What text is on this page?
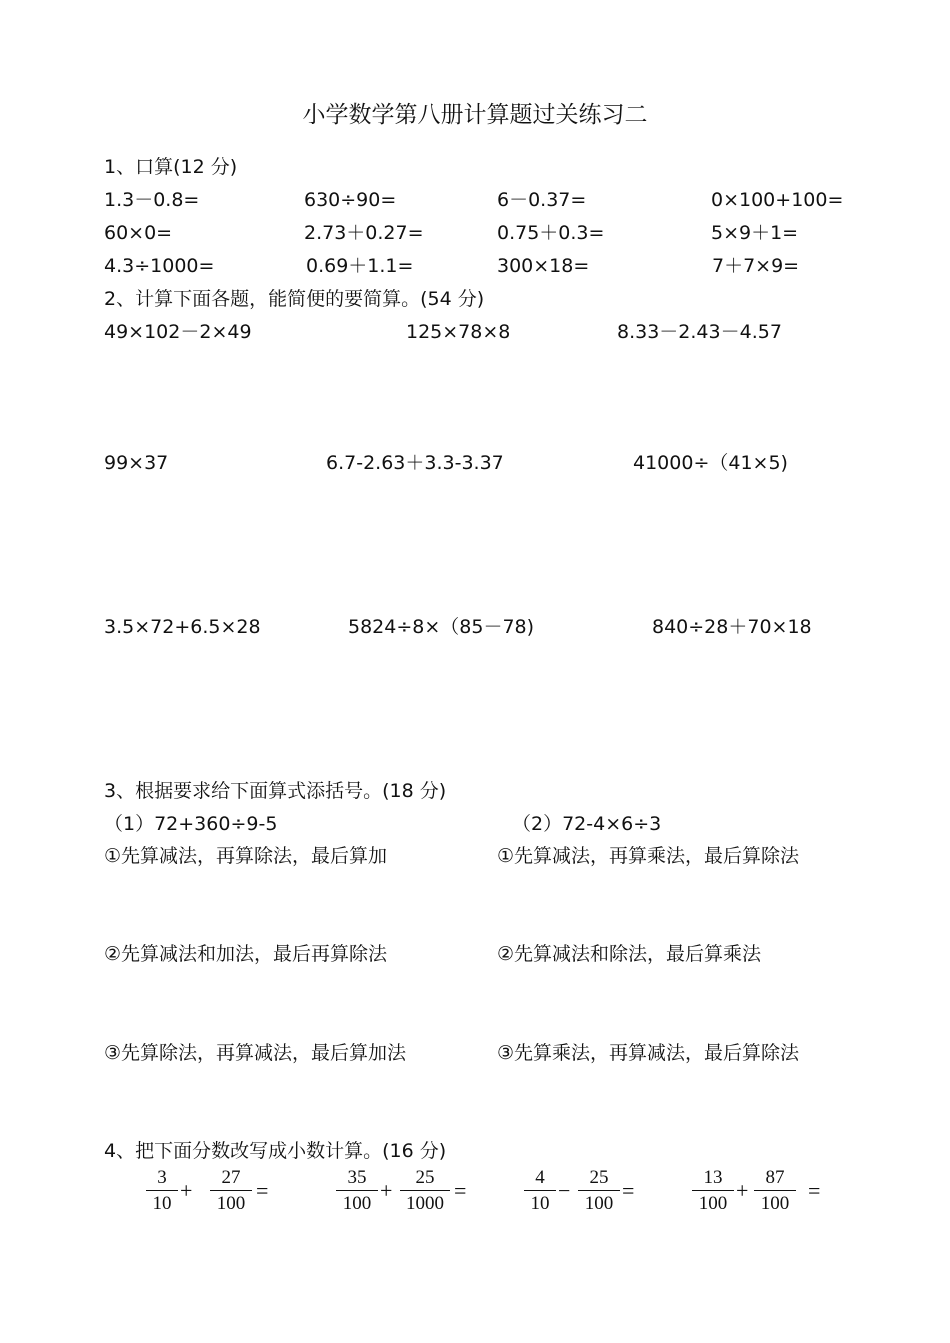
小学数学第八册计算题过关练习二
1、口算(12 分)
1.3－0.8=	630÷90=	6－0.37=	0×100+100=
60×0=	2.73＋0.27=	0.75＋0.3=	5×9＋1=
4.3÷1000=	0.69＋1.1=	300×18=	7＋7×9=
2、计算下面各题，能简便的要简算。(54 分)
49×102－2×49	125×78×8	8.33－2.43－4.57
99×37	6.7-2.63＋3.3-3.37	41000÷（41×5)
3.5×72+6.5×28	5824÷8×（85－78)	840÷28＋70×18
3、根据要求给下面算式添括号。(18 分)
（1）72+360÷9-5	（2）72-4×6÷3
①先算减法，再算除法，最后算加	①先算减法，再算乘法，最后算除法
②先算减法和加法，最后再算除法	②先算减法和除法，最后算乘法
③先算除法，再算减法，最后算加法	③先算乘法，再算减法，最后算除法
4、把下面分数改写成小数计算。(16 分)
3
10
+
27
100
=
35
100
+
25
1000
=
4
10
−
25
100
=
13
100
+
87
100
=
